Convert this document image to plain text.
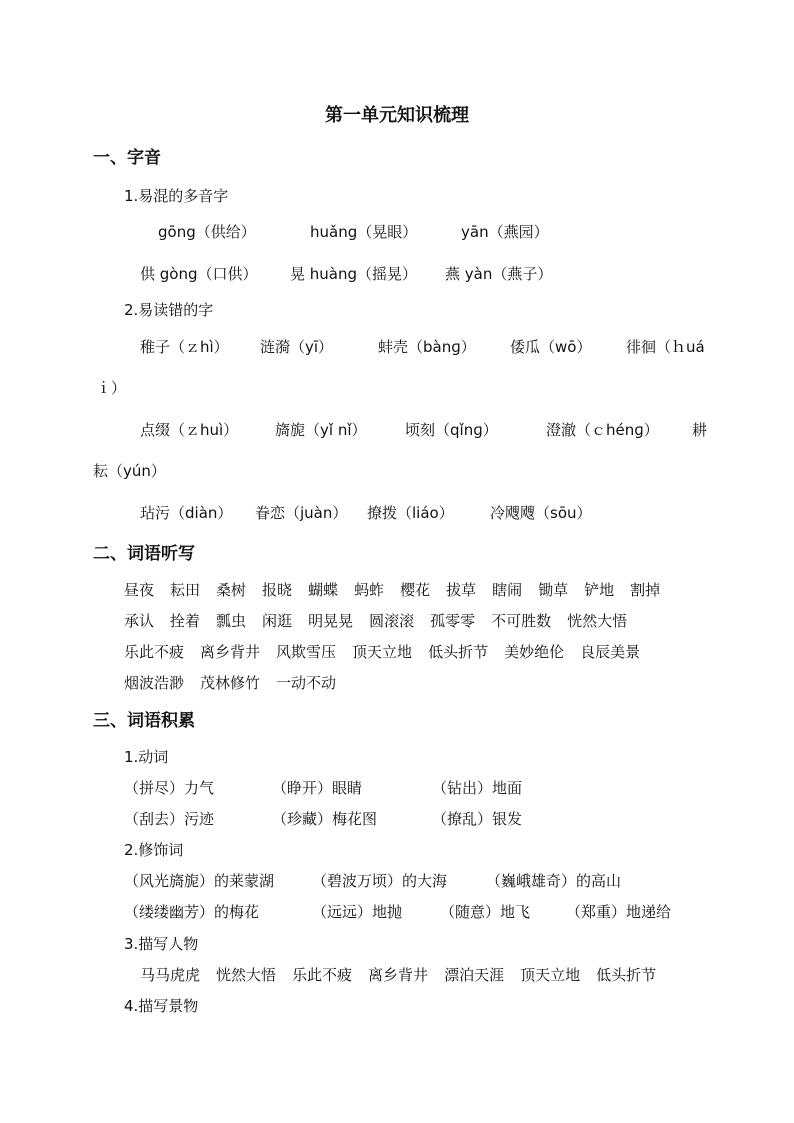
第一单元知识梳理
一、字音
1.易混的多音字
gōng（供给）	huǎng（晃眼）	yān（燕园）
供 gòng（口供） 晃 huàng（摇晃） 燕 yàn（燕子）
2.易读错的字
稚子（ｚhì） 涟漪（yī）	蚌壳（bànɡ） 倭瓜（wō） 徘徊（ｈuá
ｉ）
点缀（ｚhuì） 旖旎（yǐ nǐ）	顷刻（qǐnɡ）	澄澈（ｃhénɡ） 耕
耘（yún）
玷污（diàn） 眷恋（juàn） 撩拨（liáo） 冷飕飕（sōu）
二、词语听写
昼夜 耘田 桑树 报晓 蝴蝶 蚂蚱 樱花 拔草 瞎闹 锄草 铲地 割掉
承认 拴着 瓢虫 闲逛 明晃晃 圆滚滚 孤零零 不可胜数 恍然大悟
乐此不疲 离乡背井 风欺雪压 顶天立地 低头折节 美妙绝伦 良辰美景
烟波浩渺 茂林修竹 一动不动
三、词语积累
1.动词
（拼尽）力气	（睁开）眼睛	（钻出）地面
（刮去）污迹	（珍藏）梅花图	（撩乱）银发
2.修饰词
（风光旖旎）的莱蒙湖	（碧波万顷）的大海	（巍峨雄奇）的高山
（缕缕幽芳）的梅花	（远远）地抛	（随意）地飞 （郑重）地递给
3.描写人物
马马虎虎 恍然大悟 乐此不疲 离乡背井 漂泊天涯 顶天立地 低头折节
4.描写景物
